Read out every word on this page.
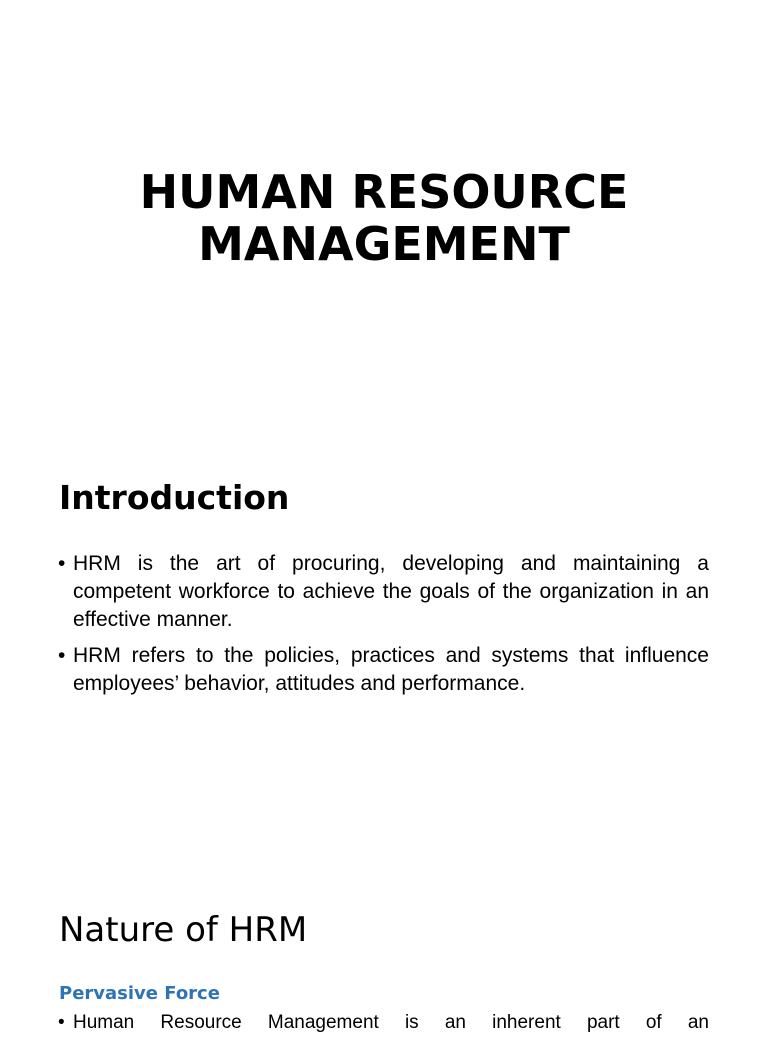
HUMAN RESOURCE
MANAGEMENT
Introduction
• HRM is the art of procuring, developing and maintaining a competent workforce to achieve the goals of the organization in an effective manner.
• HRM refers to the policies, practices and systems that influence employees’ behavior, attitudes and performance.
Nature of HRM
Pervasive Force
• Human Resource Management is an inherent part of an
